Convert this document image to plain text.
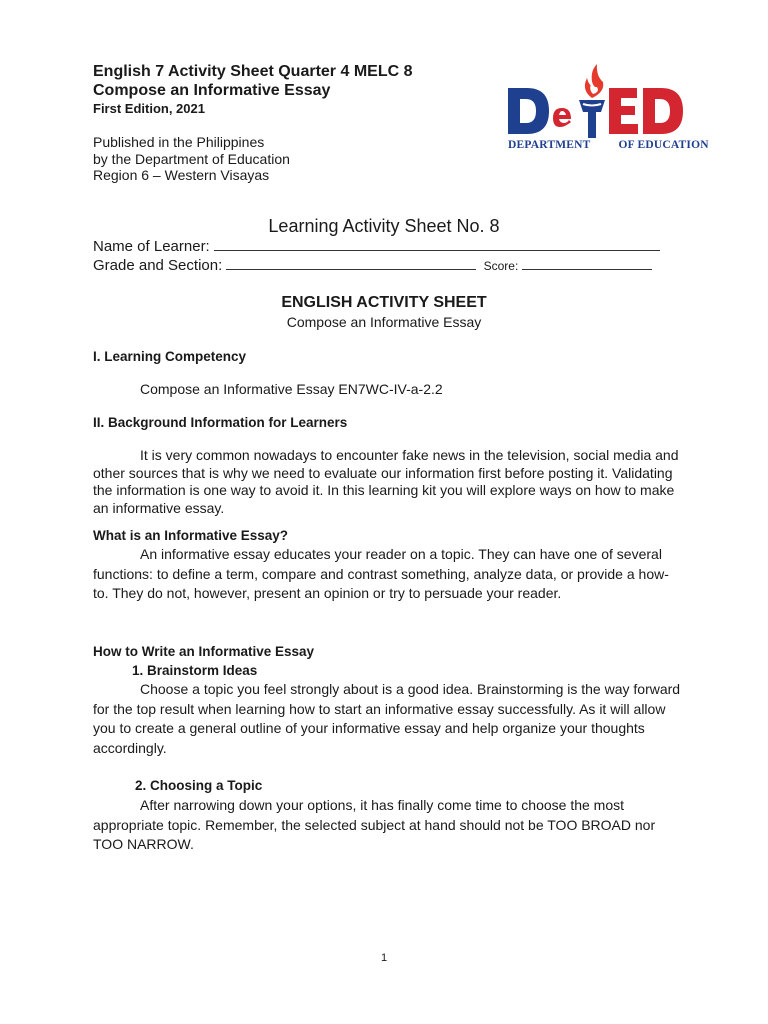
English 7 Activity Sheet Quarter 4 MELC 8
Compose an Informative Essay
First Edition, 2021
Published in the Philippines
by the Department of Education
Region 6 – Western Visayas
DEPARTMENT OF EDUCATION
Learning Activity Sheet No. 8
Name of Learner:
Grade and Section:	Score:
ENGLISH ACTIVITY SHEET
Compose an Informative Essay
I. Learning Competency
Compose an Informative Essay EN7WC-IV-a-2.2
II. Background Information for Learners
It is very common nowadays to encounter fake news in the television, social media and other sources that is why we need to evaluate our information first before posting it. Validating the information is one way to avoid it. In this learning kit you will explore ways on how to make an informative essay.
What is an Informative Essay?
An informative essay educates your reader on a topic. They can have one of several functions: to define a term, compare and contrast something, analyze data, or provide a how-to. They do not, however, present an opinion or try to persuade your reader.
How to Write an Informative Essay
1. Brainstorm Ideas
Choose a topic you feel strongly about is a good idea. Brainstorming is the way forward for the top result when learning how to start an informative essay successfully. As it will allow you to create a general outline of your informative essay and help organize your thoughts accordingly.
2. Choosing a Topic
After narrowing down your options, it has finally come time to choose the most appropriate topic. Remember, the selected subject at hand should not be TOO BROAD nor TOO NARROW.
1
